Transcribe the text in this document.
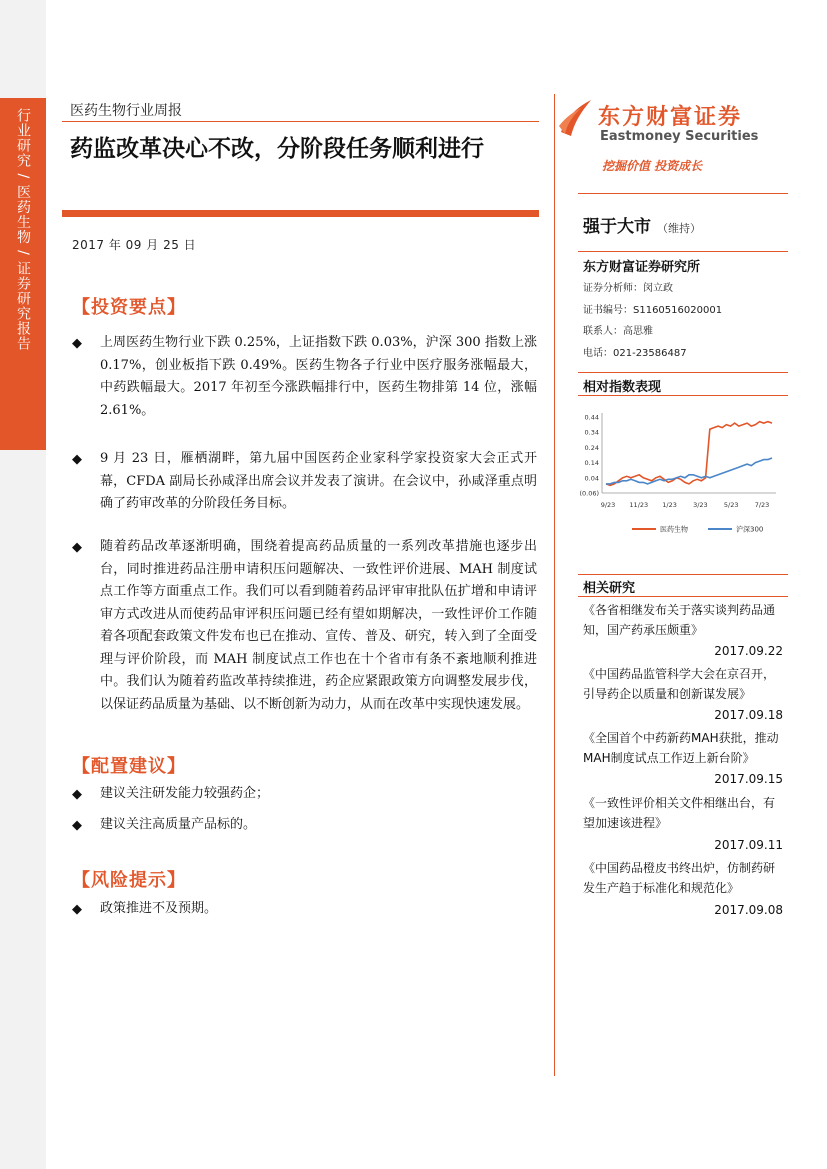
行业研究 / 医药生物 / 证券研究报告	医药生物行业周报
药监改革决心不改，分阶段任务顺利进行
2017 年 09 月 25 日
东方财富证券
Eastmoney Securities
挖掘价值 投资成长
强于大市 （维持）
东方财富证券研究所
证券分析师：闵立政
证书编号：S1160516020001
联系人：高思雅
电话：021-23586487
相对指数表现
0.44
0.34
0.24
0.14
0.04
(0.06)
9/23 11/23 1/23 3/23 5/23 7/23
医药生物	沪深300
相关研究
《各省相继发布关于落实谈判药品通知，国产药承压颇重》
2017.09.22
《中国药品监管科学大会在京召开，引导药企以质量和创新谋发展》
2017.09.18
《全国首个中药新药MAH获批，推动MAH制度试点工作迈上新台阶》
2017.09.15
《一致性评价相关文件相继出台，有望加速该进程》
2017.09.11
《中国药品橙皮书终出炉，仿制药研发生产趋于标准化和规范化》
2017.09.08
【投资要点】
◆ 上周医药生物行业下跌 0.25%，上证指数下跌 0.03%，沪深 300 指数上涨 0.17%，创业板指下跌 0.49%。医药生物各子行业中医疗服务涨幅最大，中药跌幅最大。2017 年初至今涨跌幅排行中，医药生物排第 14 位，涨幅 2.61%。
◆ 9 月 23 日，雁栖湖畔，第九届中国医药企业家科学家投资家大会正式开幕，CFDA 副局长孙咸泽出席会议并发表了演讲。在会议中，孙咸泽重点明确了药审改革的分阶段任务目标。
◆ 随着药品改革逐渐明确，围绕着提高药品质量的一系列改革措施也逐步出台，同时推进药品注册申请积压问题解决、一致性评价进展、MAH 制度试点工作等方面重点工作。我们可以看到随着药品评审审批队伍扩增和申请评审方式改进从而使药品审评积压问题已经有望如期解决，一致性评价工作随着各项配套政策文件发布也已在推动、宣传、普及、研究，转入到了全面受理与评价阶段，而 MAH 制度试点工作也在十个省市有条不紊地顺利推进中。我们认为随着药监改革持续推进，药企应紧跟政策方向调整发展步伐，以保证药品质量为基础、以不断创新为动力，从而在改革中实现快速发展。
【配置建议】
◆ 建议关注研发能力较强药企；
◆ 建议关注高质量产品标的。
【风险提示】
◆ 政策推进不及预期。
